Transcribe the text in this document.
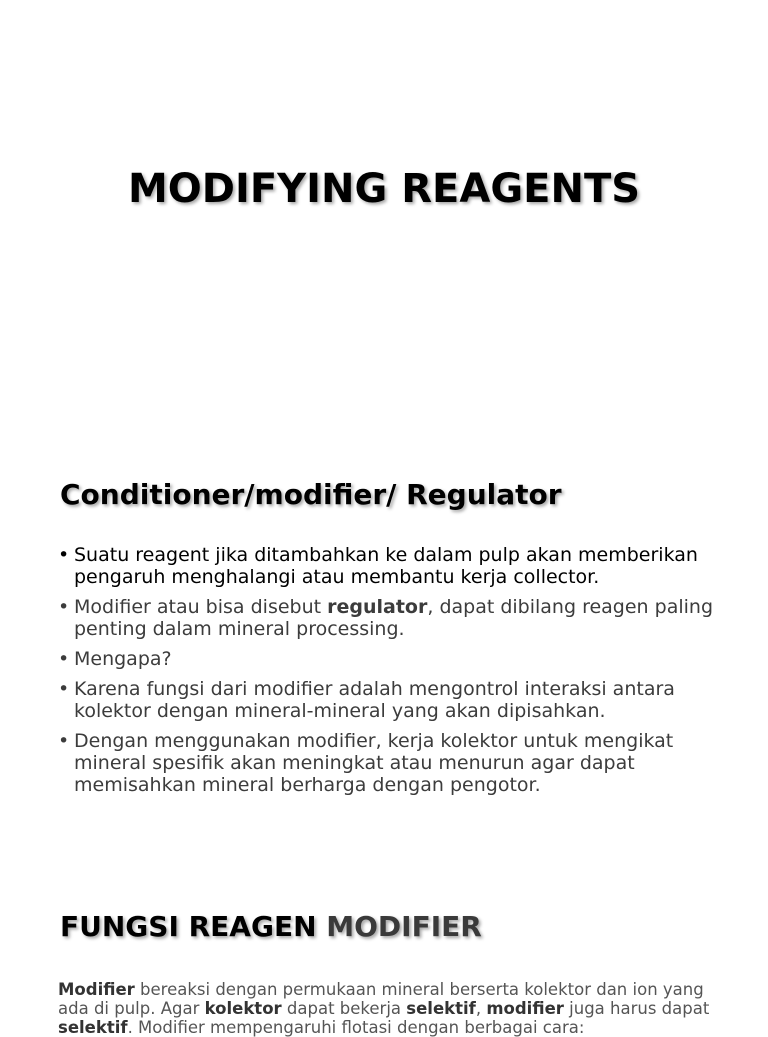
MODIFYING REAGENTS
Conditioner/modifier/ Regulator
• Suatu reagent jika ditambahkan ke dalam pulp akan memberikan pengaruh menghalangi atau membantu kerja collector.
• Modifier atau bisa disebut regulator, dapat dibilang reagen paling penting dalam mineral processing.
• Mengapa?
• Karena fungsi dari modifier adalah mengontrol interaksi antara kolektor dengan mineral-mineral yang akan dipisahkan.
• Dengan menggunakan modifier, kerja kolektor untuk mengikat mineral spesifik akan meningkat atau menurun agar dapat memisahkan mineral berharga dengan pengotor.
FUNGSI REAGEN MODIFIER
Modifier bereaksi dengan permukaan mineral berserta kolektor dan ion yang ada di pulp. Agar kolektor dapat bekerja selektif, modifier juga harus dapat selektif. Modifier mempengaruhi flotasi dengan berbagai cara:
